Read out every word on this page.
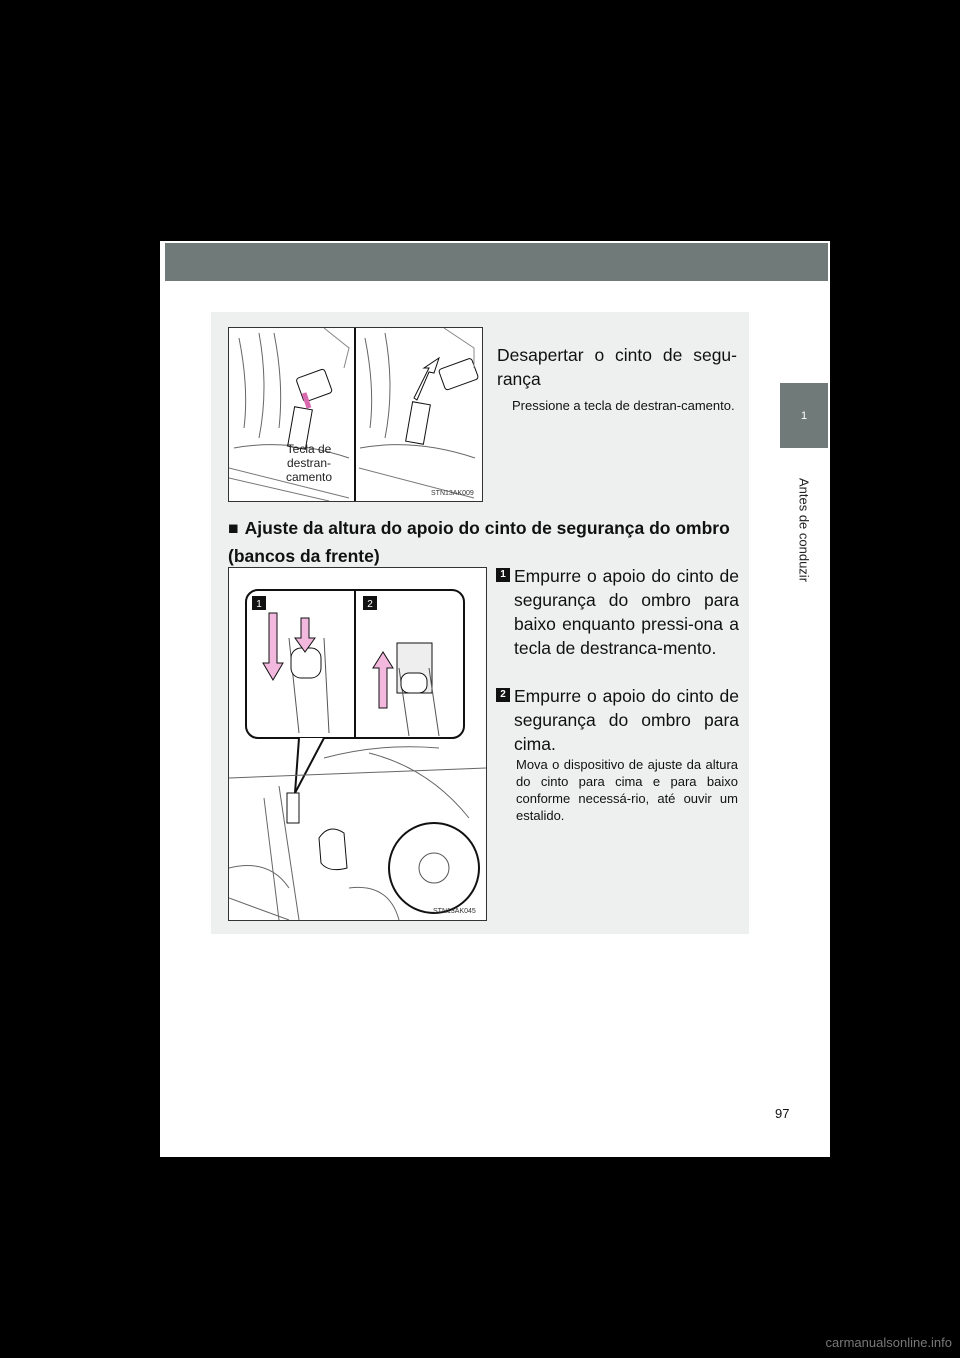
1
Antes de conduzir
STN13AK009
Tecla de
destran-
camento
Desapertar o cinto de segu-rança
Pressione a tecla de destran-camento.
■ Ajuste da altura do apoio do cinto de segurança do ombro (bancos da frente)
1	2
STN13AK045
1 Empurre o apoio do cinto de segurança do ombro para baixo enquanto pressi-ona a tecla de destranca-mento.
2 Empurre o apoio do cinto de segurança do ombro para cima.
Mova o dispositivo de ajuste da altura do cinto para cima e para baixo conforme necessá-rio, até ouvir um estalido.
97
carmanualsonline.info
